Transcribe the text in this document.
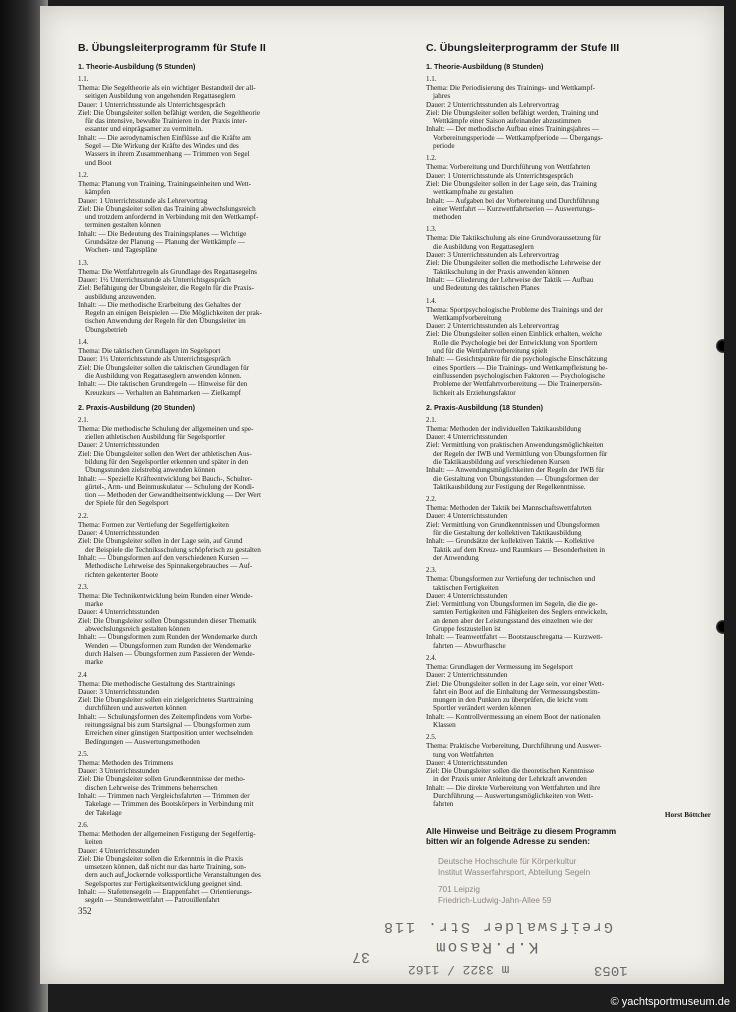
B. Übungsleiterprogramm für Stufe II
1. Theorie-Ausbildung (5 Stunden)
1.1.
Thema: Die Segeltheorie als ein wichtiger Bestandteil der all-
seitigen Ausbildung von angehenden Regattaseglern
Dauer: 1 Unterrichtsstunde als Unterrichtsgespräch
Ziel: Die Übungsleiter sollen befähigt werden, die Segeltheorie
für das intensive, bewußte Trainieren in der Praxis inter-
essanter und einprägsamer zu vermitteln.
Inhalt: — Die aerodynamischen Einflüsse auf die Kräfte am
Segel — Die Wirkung der Kräfte des Windes und des
Wassers in ihrem Zusammenhang — Trimmen von Segel
und Boot
1.2.
Thema: Planung von Training, Trainingseinheiten und Wett-
kämpfen
Dauer: 1 Unterrichtsstunde als Lehrervortrag
Ziel: Die Übungsleiter sollen das Training abwechslungsreich
und trotzdem anfordernd in Verbindung mit den Wettkampf-
terminen gestalten können
Inhalt: — Die Bedeutung des Trainingsplanes — Wichtige
Grundsätze der Planung — Planung der Wettkämpfe —
Wochen- und Tagespläne
1.3.
Thema: Die Wettfahrtregeln als Grundlage des Regattasegelns
Dauer: 1½ Unterrichtsstunde als Unterrichtsgespräch
Ziel: Befähigung der Übungsleiter, die Regeln für die Praxis-
ausbildung anzuwenden.
Inhalt: — Die methodische Erarbeitung des Gehaltes der
Regeln an einigen Beispielen — Die Möglichkeiten der prak-
tischen Anwendung der Regeln für den Übungsleiter im
Übungsbetrieb
1.4.
Thema: Die taktischen Grundlagen im Segelsport
Dauer: 1½ Unterrichtsstunde als Unterrichtsgespräch
Ziel: Die Übungsleiter sollen die taktischen Grundlagen für
die Ausbildung von Regattaseglern anwenden können.
Inhalt: — Die taktischen Grundregeln — Hinweise für den
Kreuzkurs — Verhalten an Bahnmarken — Zielkampf
2. Praxis-Ausbildung (20 Stunden)
2.1.
Thema: Die methodische Schulung der allgemeinen und spe-
ziellen athletischen Ausbildung für Segelsportler
Dauer: 2 Unterrichtsstunden
Ziel: Die Übungsleiter sollen den Wert der athletischen Aus-
bildung für den Segelsportler erkennen und später in den
Übungsstunden zielstrebig anwenden können
Inhalt: — Spezielle Kräfteentwicklung bei Bauch-, Schulter-
gürtel-, Arm- und Beinmuskulatur — Schulung der Kondi-
tion — Methoden der Gewandtheitsentwicklung — Der Wert
der Spiele für den Segelsport
2.2.
Thema: Formen zur Vertiefung der Segelfertigkeiten
Dauer: 4 Unterrichtsstunden
Ziel: Die Übungsleiter sollen in der Lage sein, auf Grund
der Beispiele die Techniksschulung schöpferisch zu gestalten
Inhalt: — Übungsformen auf den verschiedenen Kursen —
Methodische Lehrweise des Spinnakergebrauches — Auf-
richten gekenterter Boote
2.3.
Thema: Die Technikentwicklung beim Runden einer Wende-
marke
Dauer: 4 Unterrichtsstunden
Ziel: Die Übungsleiter sollen Übungsstunden dieser Thematik
abwechslungsreich gestalten können
Inhalt: — Übungsformen zum Runden der Wendemarke durch
Wenden — Übungsformen zum Runden der Wendemarke
durch Halsen — Übungsformen zum Passieren der Wende-
marke
2.4
Thema: Die methodische Gestaltung des Starttrainings
Dauer: 3 Unterrichtsstunden
Ziel: Die Übungsleiter sollen ein zielgerichtetes Starttraining
durchführen und auswerten können
Inhalt: — Schulungsformen des Zeitempfindens vom Vorbe-
reitungssignal bis zum Startsignal — Übungsformen zum
Erreichen einer günstigen Startposition unter wechselnden
Bedingungen — Auswertungsmethoden
2.5.
Thema: Methoden des Trimmens
Dauer: 3 Unterrichtsstunden
Ziel: Die Übungsleiter sollen Grundkenntnisse der metho-
dischen Lehrweise des Trimmens beherrschen
Inhalt: — Trimmen nach Vergleichsfahrten — Trimmen der
Takelage — Trimmen des Bootskörpers in Verbindung mit
der Takelage
2.6.
Thema: Methoden der allgemeinen Festigung der Segelfertig-
keiten
Dauer: 4 Unterrichtsstunden
Ziel: Die Übungsleiter sollen die Erkenntnis in die Praxis
umsetzen können, daß nicht nur das harte Training, son-
dern auch aufلockernde volkssportliche Veranstaltungen des
Segelsportes zur Fertigkeitsentwicklung geeignet sind.
Inhalt: — Stafettensegeln — Etappenfahrt — Orientierungs-
segeln — Stundenwettfahrt — Patrouillenfahrt
C. Übungsleiterprogramm der Stufe III
1. Theorie-Ausbildung (8 Stunden)
1.1.
Thema: Die Periodisierung des Trainings- und Wettkampf-
jahres
Dauer: 2 Unterrichtsstunden als Lehrervortrag
Ziel: Die Übungsleiter sollen befähigt werden, Training und
Wettkämpfe einer Saison aufeinander abzustimmen
Inhalt: — Der methodische Aufbau eines Trainingsjahres —
Vorbereitungsperiode — Wettkampfperiode — Übergangs-
periode
1.2.
Thema: Vorbereitung und Durchführung von Wettfahrten
Dauer: 1 Unterrichtsstunde als Unterrichtsgespräch
Ziel: Die Übungsleiter sollen in der Lage sein, das Training
wettkampfnahe zu gestalten
Inhalt: — Aufgaben bei der Vorbereitung und Durchführung
einer Wettfahrt — Kurzwettfahrtserien — Auswertungs-
methoden
1.3.
Thema: Die Taktikschulung als eine Grundvoraussetzung für
die Ausbildung von Regattaseglern
Dauer: 3 Unterrichtsstunden als Lehrervortrag
Ziel: Die Übungsleiter sollen die methodische Lehrweise der
Taktikschulung in der Praxis anwenden können
Inhalt: — Gliederung der Lehrweise der Taktik — Aufbau
und Bedeutung des taktischen Planes
1.4.
Thema: Sportpsychologische Probleme des Trainings und der
Wettkampfvorbereitung
Dauer: 2 Unterrichtsstunden als Lehrervortrag
Ziel: Die Übungsleiter sollen einen Einblick erhalten, welche
Rolle die Psychologie bei der Entwicklung von Sportlern
und für die Wettfahrtvorbereitung spielt
Inhalt: — Gesichtspunkte für die psychologische Einschätzung
eines Sportlers — Die Trainings- und Wettkampfleistung be-
einflussenden psychologischen Faktoren — Psychologische
Probleme der Wettfahrtvorbereitung — Die Trainerpersön-
lichkeit als Erziehungsfaktor
2. Praxis-Ausbildung (18 Stunden)
2.1.
Thema: Methoden der individuellen Taktikausbildung
Dauer: 4 Unterrichtsstunden
Ziel: Vermittlung von praktischen Anwendungsmöglichkeiten
der Regeln der IWB und Vermittlung von Übungsformen für
die Taktikausbildung auf verschiedenen Kursen
Inhalt: — Anwendungsmöglichkeiten der Regeln der IWB für
die Gestaltung von Übungsstunden — Übungsformen der
Taktikausbildung zur Festigung der Regelkenntnisse.
2.2.
Thema: Methoden der Taktik bei Mannschaftswettfahrten
Dauer: 4 Unterrichtsstunden
Ziel: Vermittlung von Grundkenntnissen und Übungsformen
für die Gestaltung der kollektiven Taktikausbildung
Inhalt: — Grundsätze der kollektiven Taktik — Kollektive
Taktik auf dem Kreuz- und Raumkurs — Besonderheiten in
der Anwendung
2.3.
Thema: Übungsformen zur Vertiefung der technischen und
taktischen Fertigkeiten
Dauer: 4 Unterrichtsstunden
Ziel: Vermittlung von Übungsformen im Segeln, die die ge-
samten Fertigkeiten und Fähigkeiten des Seglers entwickeln,
an denen aber der Leistungsstand des einzelnen wie der
Gruppe festzustellen ist
Inhalt: — Teamwettfahrt — Bootstauschregatta — Kurzwett-
fahrten — Abwurfhasche
2.4.
Thema: Grundlagen der Vermessung im Segelsport
Dauer: 2 Unterrichtsstunden
Ziel: Die Übungsleiter sollen in der Lage sein, vor einer Wett-
fahrt ein Boot auf die Einhaltung der Vermessungsbestim-
mungen in den Punkten zu überprüfen, die leicht vom
Sportler verändert werden können
Inhalt: — Kontrollvermessung an einem Boot der nationalen
Klassen
2.5.
Thema: Praktische Vorbereitung, Durchführung und Auswer-
tung von Wettfahrten
Dauer: 4 Unterrichtsstunden
Ziel: Die Übungsleiter sollen die theoretischen Kenntnisse
in der Praxis unter Anleitung der Lehrkraft anwenden
Inhalt: — Die direkte Vorbereitung von Wettfahrten und ihre
Durchführung — Auswertungsmöglichkeiten von Wett-
fahrten
Horst Böttcher
Alle Hinweise und Beiträge zu diesem Programm
bitten wir an folgende Adresse zu senden:
Deutsche Hochschule für Körperkultur
Institut Wasserfahrsport, Abteilung Segeln
701 Leipzig
Friedrich-Ludwig-Jahn-Allee 59
352
Greifswalder Str. 118
K.P.Rasom
37
1053
m 3322 / 1162
© yachtsportmuseum.de
